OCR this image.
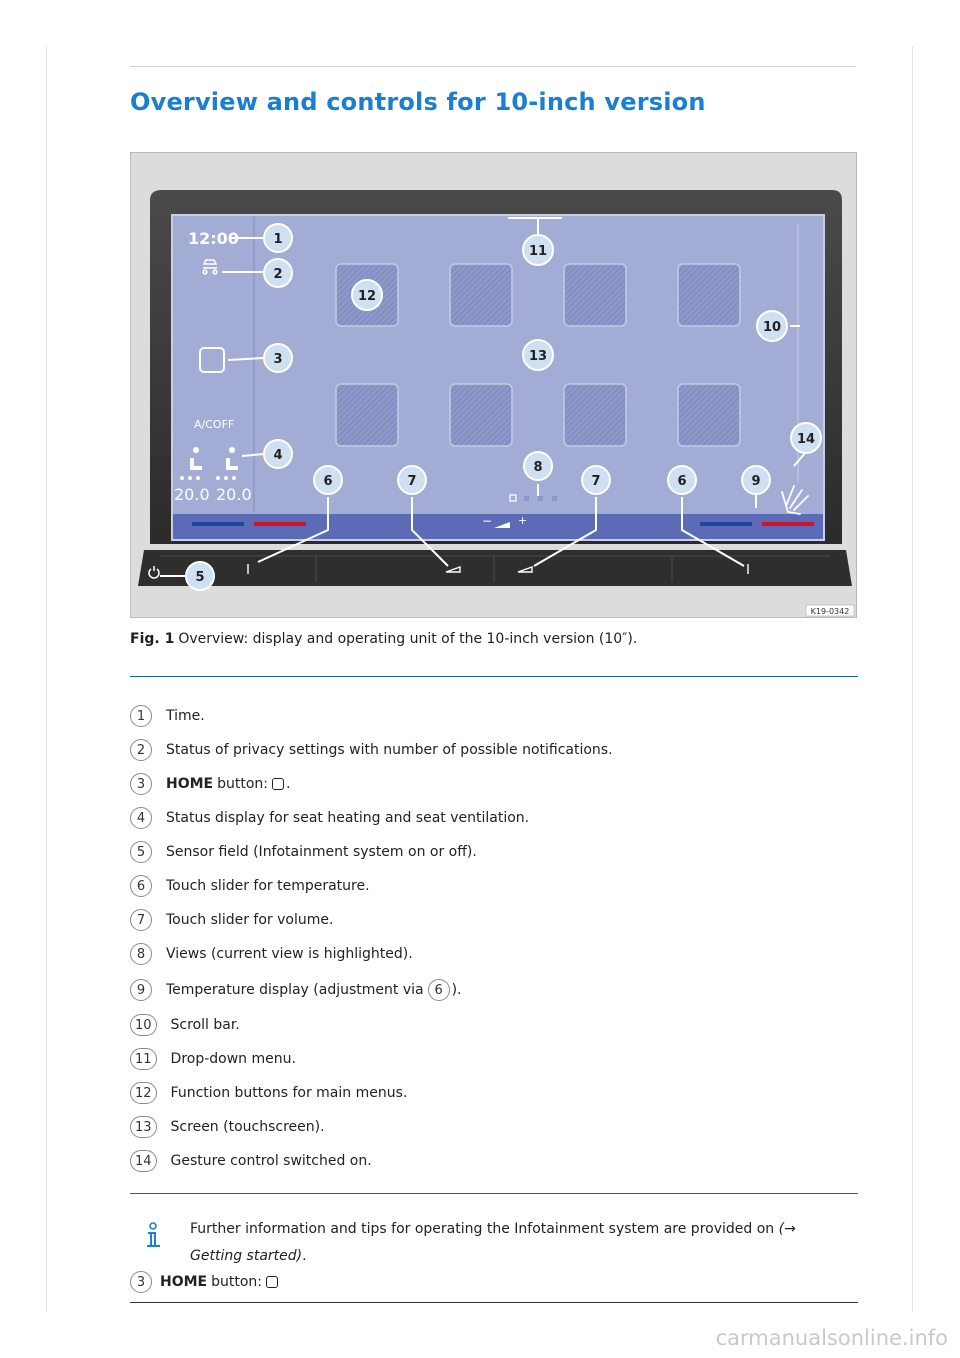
Overview and controls for 10-inch version
− +
12:00
A/COFF
20.0 20.0
1
2
3
4
5
6	7
8
7	6	9
10
11
12
13
14
K19-0342
Fig. 1 Overview: display and operating unit of the 10-inch version (10″).
1	Time.
2	Status of privacy settings with number of possible notifications.
3	HOME button: .
4	Status display for seat heating and seat ventilation.
5	Sensor field (Infotainment system on or off).
6	Touch slider for temperature.
7	Touch slider for volume.
8	Views (current view is highlighted).
9	Temperature display (adjustment via 6 ).
10	Scroll bar.
11	Drop-down menu.
12	Function buttons for main menus.
13	Screen (touchscreen).
14	Gesture control switched on.
Further information and tips for operating the Infotainment system are provided on (→ Getting started).
3	HOME button:
carmanualsonline.info
